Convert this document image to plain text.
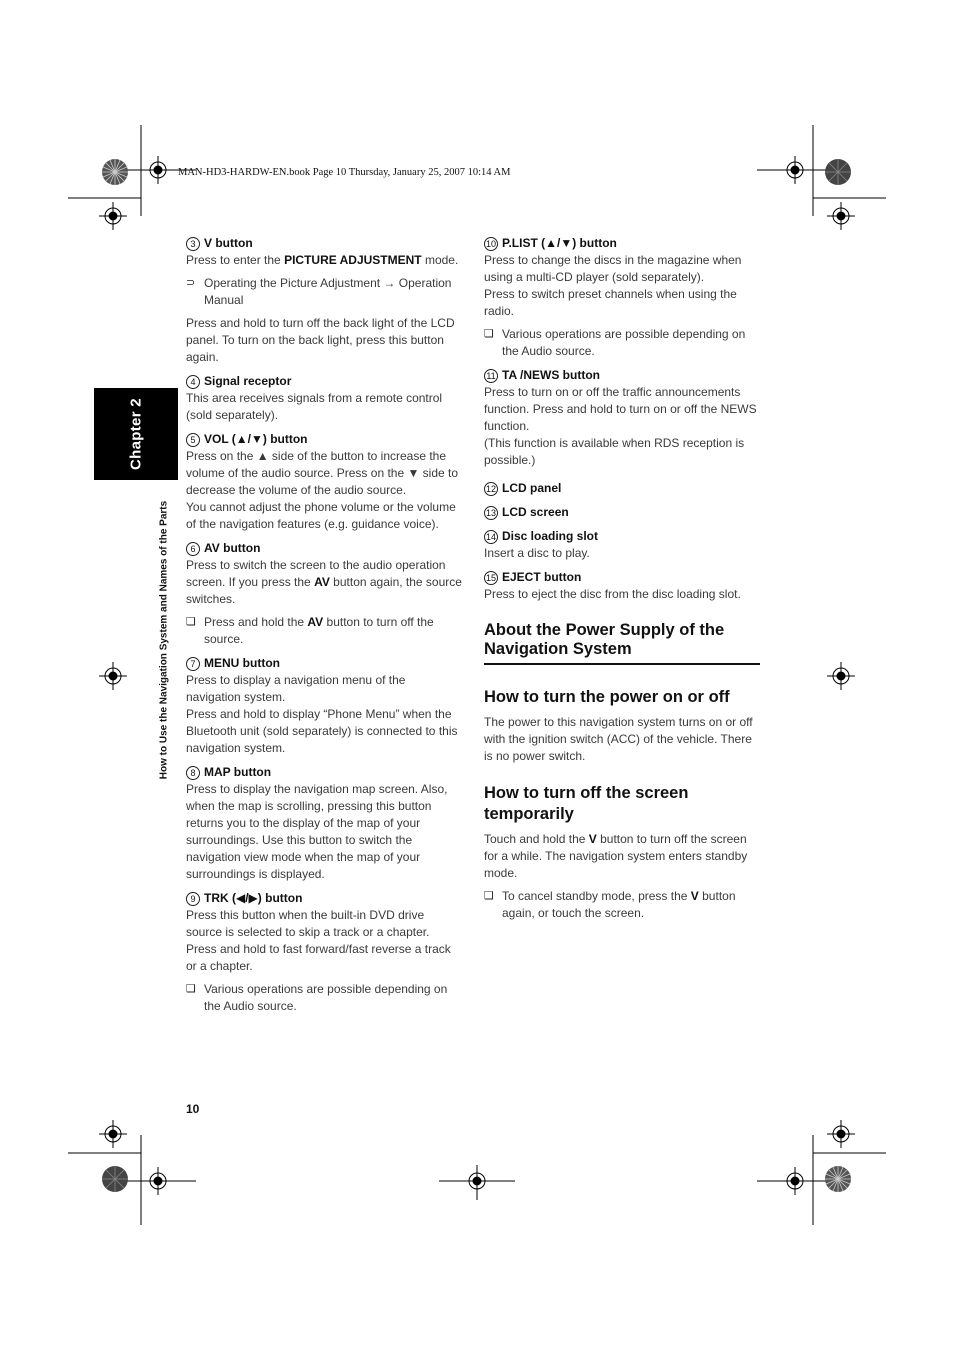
MAN-HD3-HARDW-EN.book Page 10 Thursday, January 25, 2007 10:14 AM
Chapter 2
How to Use the Navigation System and Names of the Parts
3 V button

Press to enter the PICTURE ADJUSTMENT mode.

⊃ Operating the Picture Adjustment → Operation Manual

Press and hold to turn off the back light of the LCD panel. To turn on the back light, press this button again.

4 Signal receptor

This area receives signals from a remote control (sold separately).

5 VOL (▲/▼) button

Press on the ▲ side of the button to increase the volume of the audio source. Press on the ▼ side to decrease the volume of the audio source.

You cannot adjust the phone volume or the volume of the navigation features (e.g. guidance voice).

6 AV button

Press to switch the screen to the audio operation screen. If you press the AV button again, the source switches.

❏ Press and hold the AV button to turn off the source.
7 MENU button

Press to display a navigation menu of the navigation system.

Press and hold to display “Phone Menu” when the Bluetooth unit (sold separately) is connected to this navigation system.

8 MAP button

Press to display the navigation map screen. Also, when the map is scrolling, pressing this button returns you to the display of the map of your surroundings. Use this button to switch the navigation view mode when the map of your surroundings is displayed.

9 TRK (◀/▶) button

Press this button when the built-in DVD drive source is selected to skip a track or a chapter.

Press and hold to fast forward/fast reverse a track or a chapter.

❏ Various operations are possible depending on the Audio source.
10 P.LIST (▲/▼) button

Press to change the discs in the magazine when using a multi-CD player (sold separately).

Press to switch preset channels when using the radio.

❏ Various operations are possible depending on the Audio source.
11 TA /NEWS button

Press to turn on or off the traffic announcements function. Press and hold to turn on or off the NEWS function.

(This function is available when RDS reception is possible.)

12 LCD panel
13 LCD screen
14 Disc loading slot

Insert a disc to play.

15 EJECT button

Press to eject the disc from the disc loading slot.

About the Power Supply of the Navigation System
How to turn the power on or off

The power to this navigation system turns on or off with the ignition switch (ACC) of the vehicle. There is no power switch.

How to turn off the screen temporarily

Touch and hold the V button to turn off the screen for a while. The navigation system enters standby mode.

❏ To cancel standby mode, press the V button again, or touch the screen.
10
